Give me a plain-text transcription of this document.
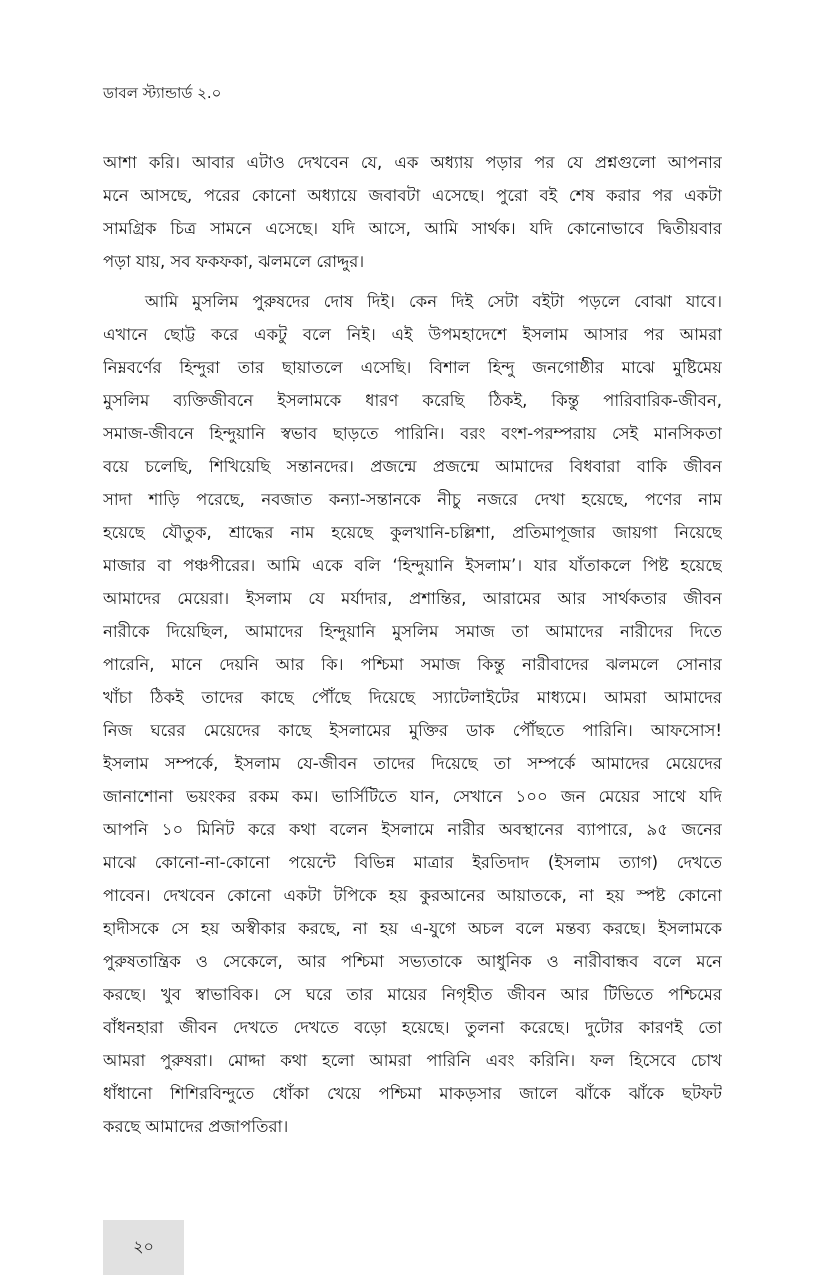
ডাবল স্ট্যান্ডার্ড ২.০
আশা করি। আবার এটাও দেখবেন যে, এক অধ্যায় পড়ার পর যে প্রশ্নগুলো আপনার
মনে আসছে, পরের কোনো অধ্যায়ে জবাবটা এসেছে। পুরো বই শেষ করার পর একটা
সামগ্রিক চিত্র সামনে এসেছে। যদি আসে, আমি সার্থক। যদি কোনোভাবে দ্বিতীয়বার
পড়া যায়, সব ফকফকা, ঝলমলে রোদ্দুর।
আমি মুসলিম পুরুষদের দোষ দিই। কেন দিই সেটা বইটা পড়লে বোঝা যাবে।
এখানে ছোট্ট করে একটু বলে নিই। এই উপমহাদেশে ইসলাম আসার পর আমরা
নিম্নবর্ণের হিন্দুরা তার ছায়াতলে এসেছি। বিশাল হিন্দু জনগোষ্ঠীর মাঝে মুষ্টিমেয়
মুসলিম ব্যক্তিজীবনে ইসলামকে ধারণ করেছি ঠিকই, কিন্তু পারিবারিক-জীবন,
সমাজ-জীবনে হিন্দুয়ানি স্বভাব ছাড়তে পারিনি। বরং বংশ-পরম্পরায় সেই মানসিকতা
বয়ে চলেছি, শিখিয়েছি সন্তানদের। প্রজন্মে প্রজন্মে আমাদের বিধবারা বাকি জীবন
সাদা শাড়ি পরেছে, নবজাত কন্যা-সন্তানকে নীচু নজরে দেখা হয়েছে, পণের নাম
হয়েছে যৌতুক, শ্রাদ্ধের নাম হয়েছে কুলখানি-চল্লিশা, প্রতিমাপূজার জায়গা নিয়েছে
মাজার বা পঞ্চপীরের। আমি একে বলি ‘হিন্দুয়ানি ইসলাম’। যার যাঁতাকলে পিষ্ট হয়েছে
আমাদের মেয়েরা। ইসলাম যে মর্যাদার, প্রশান্তির, আরামের আর সার্থকতার জীবন
নারীকে দিয়েছিল, আমাদের হিন্দুয়ানি মুসলিম সমাজ তা আমাদের নারীদের দিতে
পারেনি, মানে দেয়নি আর কি। পশ্চিমা সমাজ কিন্তু নারীবাদের ঝলমলে সোনার
খাঁচা ঠিকই তাদের কাছে পৌঁছে দিয়েছে স্যাটেলাইটের মাধ্যমে। আমরা আমাদের
নিজ ঘরের মেয়েদের কাছে ইসলামের মুক্তির ডাক পৌঁছতে পারিনি। আফসোস!
ইসলাম সম্পর্কে, ইসলাম যে-জীবন তাদের দিয়েছে তা সম্পর্কে আমাদের মেয়েদের
জানাশোনা ভয়ংকর রকম কম। ভার্সিটিতে যান, সেখানে ১০০ জন মেয়ের সাথে যদি
আপনি ১০ মিনিট করে কথা বলেন ইসলামে নারীর অবস্থানের ব্যাপারে, ৯৫ জনের
মাঝে কোনো-না-কোনো পয়েন্টে বিভিন্ন মাত্রার ইরতিদাদ (ইসলাম ত্যাগ) দেখতে
পাবেন। দেখবেন কোনো একটা টপিকে হয় কুরআনের আয়াতকে, না হয় স্পষ্ট কোনো
হাদীসকে সে হয় অস্বীকার করছে, না হয় এ-যুগে অচল বলে মন্তব্য করছে। ইসলামকে
পুরুষতান্ত্রিক ও সেকেলে, আর পশ্চিমা সভ্যতাকে আধুনিক ও নারীবান্ধব বলে মনে
করছে। খুব স্বাভাবিক। সে ঘরে তার মায়ের নিগৃহীত জীবন আর টিভিতে পশ্চিমের
বাঁধনহারা জীবন দেখতে দেখতে বড়ো হয়েছে। তুলনা করেছে। দুটোর কারণই তো
আমরা পুরুষরা। মোদ্দা কথা হলো আমরা পারিনি এবং করিনি। ফল হিসেবে চোখ
ধাঁধানো শিশিরবিন্দুতে ধোঁকা খেয়ে পশ্চিমা মাকড়সার জালে ঝাঁকে ঝাঁকে ছটফট
করছে আমাদের প্রজাপতিরা।
২০
